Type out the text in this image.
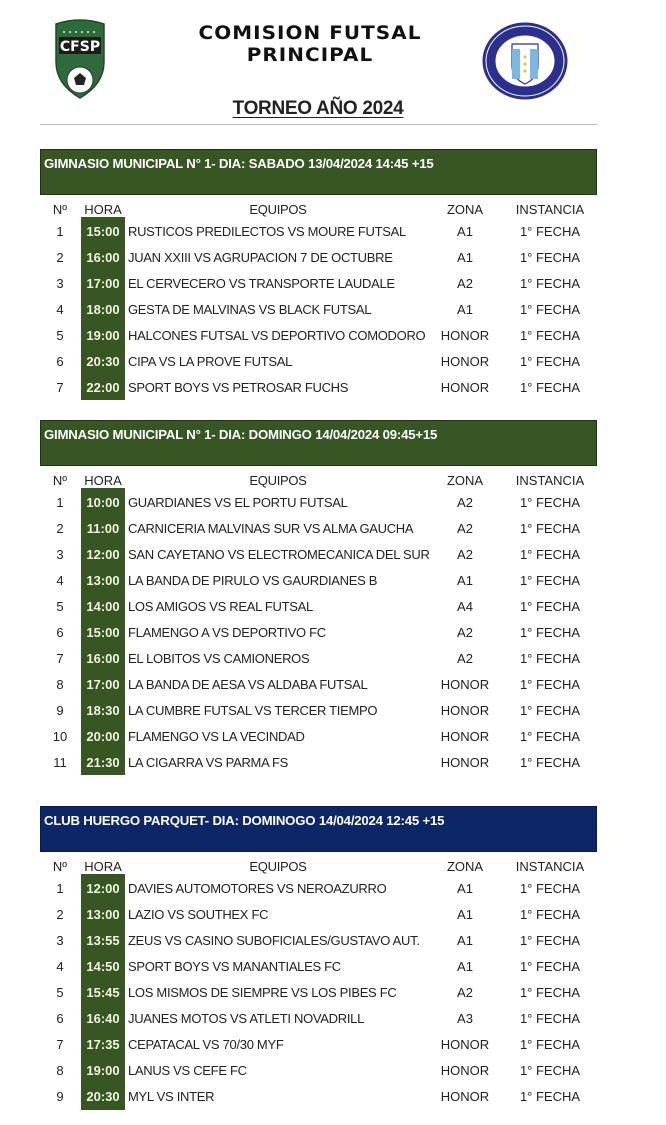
CFSP
COMISION FUTSAL
PRINCIPAL
TORNEO AÑO 2024
GIMNASIO MUNICIPAL N° 1- DIA: SABADO 13/04/2024 14:45 +15
Nº	HORA	EQUIPOS	ZONA	INSTANCIA
1	15:00 RUSTICOS PREDILECTOS VS MOURE FUTSAL	A1	1° FECHA
2	16:00 JUAN XXIII VS AGRUPACION 7 DE OCTUBRE	A1	1° FECHA
3	17:00 EL CERVECERO VS TRANSPORTE LAUDALE	A2	1° FECHA
4	18:00 GESTA DE MALVINAS VS BLACK FUTSAL	A1	1° FECHA
5	19:00 HALCONES FUTSAL VS DEPORTIVO COMODORO	HONOR	1° FECHA
6	20:30 CIPA VS LA PROVE FUTSAL	HONOR	1° FECHA
7	22:00 SPORT BOYS VS PETROSAR FUCHS	HONOR	1° FECHA
GIMNASIO MUNICIPAL N° 1- DIA: DOMINGO 14/04/2024 09:45+15
Nº	HORA	EQUIPOS	ZONA	INSTANCIA
1	10:00 GUARDIANES VS EL PORTU FUTSAL	A2	1° FECHA
2	11:00 CARNICERIA MALVINAS SUR VS ALMA GAUCHA	A2	1° FECHA
3	12:00 SAN CAYETANO VS ELECTROMECANICA DEL SUR	A2	1° FECHA
4	13:00 LA BANDA DE PIRULO VS GAURDIANES B	A1	1° FECHA
5	14:00 LOS AMIGOS VS REAL FUTSAL	A4	1° FECHA
6	15:00 FLAMENGO A VS DEPORTIVO FC	A2	1° FECHA
7	16:00 EL LOBITOS VS CAMIONEROS	A2	1° FECHA
8	17:00 LA BANDA DE AESA VS ALDABA FUTSAL	HONOR	1° FECHA
9	18:30 LA CUMBRE FUTSAL VS TERCER TIEMPO	HONOR	1° FECHA
10	20:00 FLAMENGO VS LA VECINDAD	HONOR	1° FECHA
11	21:30 LA CIGARRA VS PARMA FS	HONOR	1° FECHA
CLUB HUERGO PARQUET- DIA: DOMINOGO 14/04/2024 12:45 +15
Nº	HORA	EQUIPOS	ZONA	INSTANCIA
1	12:00 DAVIES AUTOMOTORES VS NEROAZURRO	A1	1° FECHA
2	13:00 LAZIO VS SOUTHEX FC	A1	1° FECHA
3	13:55 ZEUS VS CASINO SUBOFICIALES/GUSTAVO AUT.	A1	1° FECHA
4	14:50 SPORT BOYS VS MANANTIALES FC	A1	1° FECHA
5	15:45 LOS MISMOS DE SIEMPRE VS LOS PIBES FC	A2	1° FECHA
6	16:40 JUANES MOTOS VS ATLETI NOVADRILL	A3	1° FECHA
7	17:35 CEPATACAL VS 70/30 MYF	HONOR	1° FECHA
8	19:00 LANUS VS CEFE FC	HONOR	1° FECHA
9	20:30 MYL VS INTER	HONOR	1° FECHA
